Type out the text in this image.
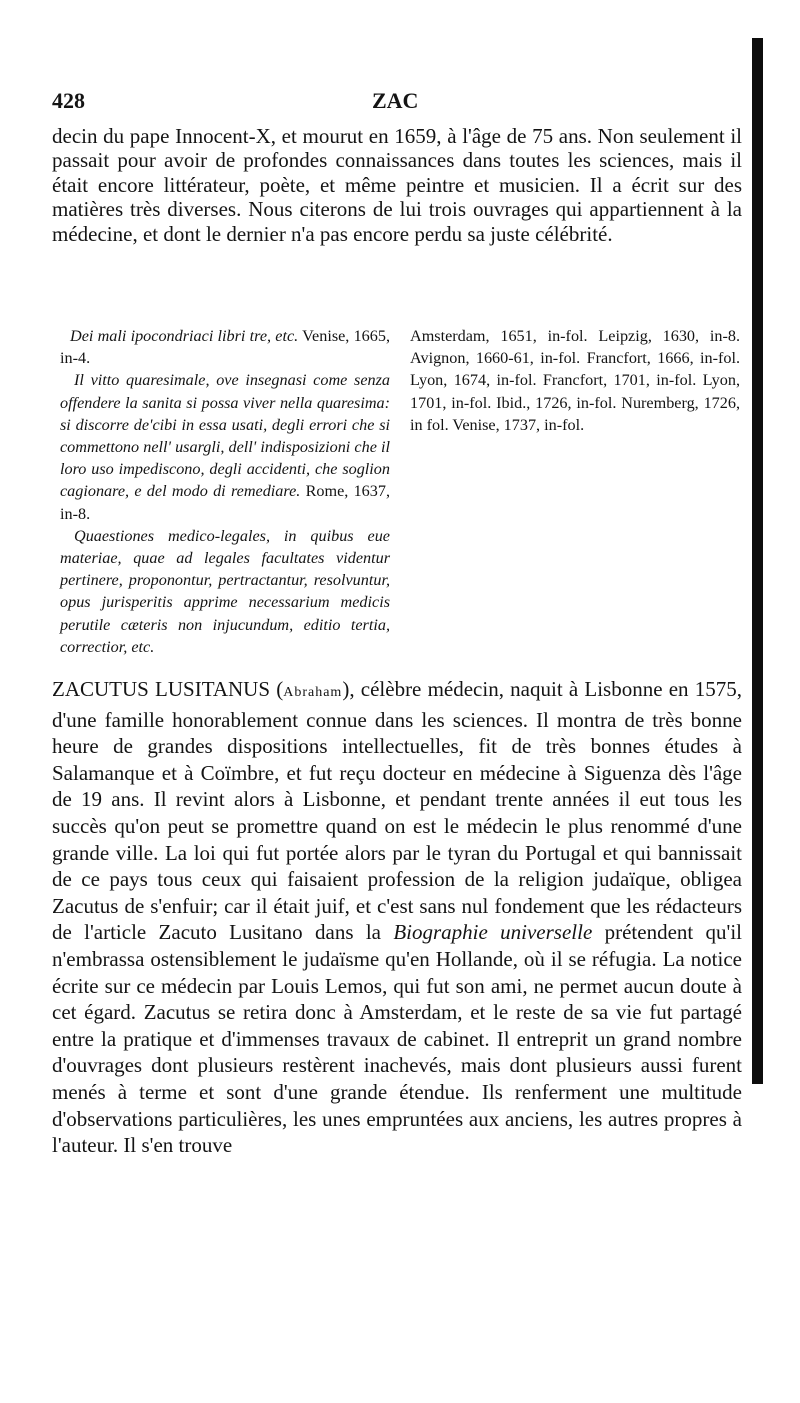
428	ZAC

decin du pape Innocent-X, et mourut en 1659, à l'âge de 75 ans. Non seulement il passait pour avoir de profondes connaissances dans toutes les sciences, mais il était encore littérateur, poète, et même peintre et musicien. Il a écrit sur des matières très diverses. Nous citerons de lui trois ouvrages qui appartiennent à la médecine, et dont le dernier n'a pas encore perdu sa juste célébrité.

Dei mali ipocondriaci libri tre, etc. Venise, 1665, in-4.

Il vitto quaresimale, ove insegnasi come senza offendere la sanita si possa viver nella quaresima: si discorre de'cibi in essa usati, degli errori che si commettono nell' usargli, dell' indisposizioni che il loro uso impediscono, degli accidenti, che soglion cagionare, e del modo di remediare. Rome, 1637, in-8.

Quaestiones medico-legales, in quibus eue materiae, quae ad legales facultates videntur pertinere, proponontur, pertractantur, resolvuntur, opus jurisperitis apprime necessarium medicis perutile cæteris non injucundum, editio tertia, correctior, etc.

Amsterdam, 1651, in-fol. Leipzig, 1630, in-8. Avignon, 1660-61, in-fol. Francfort, 1666, in-fol. Lyon, 1674, in-fol. Francfort, 1701, in-fol. Lyon, 1701, in-fol. Ibid., 1726, in-fol. Nuremberg, 1726, in fol. Venise, 1737, in-fol.

ZACUTUS LUSITANUS (Abraham), célèbre médecin, naquit à Lisbonne en 1575, d'une famille honorablement connue dans les sciences. Il montra de très bonne heure de grandes dispositions intellectuelles, fit de très bonnes études à Salamanque et à Coïmbre, et fut reçu docteur en médecine à Siguenza dès l'âge de 19 ans. Il revint alors à Lisbonne, et pendant trente années il eut tous les succès qu'on peut se promettre quand on est le médecin le plus renommé d'une grande ville. La loi qui fut portée alors par le tyran du Portugal et qui bannissait de ce pays tous ceux qui faisaient profession de la religion judaïque, obligea Zacutus de s'enfuir; car il était juif, et c'est sans nul fondement que les rédacteurs de l'article Zacuto Lusitano dans la Biographie universelle prétendent qu'il n'embrassa ostensiblement le judaïsme qu'en Hollande, où il se réfugia. La notice écrite sur ce médecin par Louis Lemos, qui fut son ami, ne permet aucun doute à cet égard. Zacutus se retira donc à Amsterdam, et le reste de sa vie fut partagé entre la pratique et d'immenses travaux de cabinet. Il entreprit un grand nombre d'ouvrages dont plusieurs restèrent inachevés, mais dont plusieurs aussi furent menés à terme et sont d'une grande étendue. Ils renferment une multitude d'observations particulières, les unes empruntées aux anciens, les autres propres à l'auteur. Il s'en trouve
